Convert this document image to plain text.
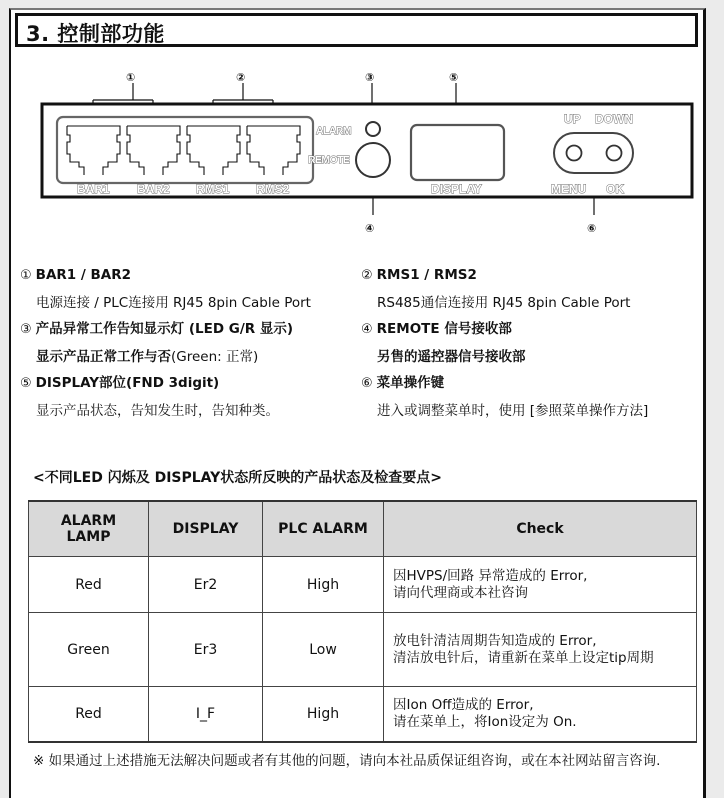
3. 控制部功能
①	②	③
④
⑤
⑥
BAR1 BAR2 RMS1 RMS2
ALARM
REMOTE
DISPLAY
UP DOWN
MENU OK
① BAR1 / BAR2
电源连接 / PLC连接用 RJ45 8pin Cable Port
③ 产品异常工作告知显示灯 (LED G/R 显示)
显示产品正常工作与否(Green: 正常)
⑤ DISPLAY部位(FND 3digit)
显示产品状态，告知发生时，告知种类。
② RMS1 / RMS2
RS485通信连接用 RJ45 8pin Cable Port
④ REMOTE 信号接收部
另售的遥控器信号接收部
⑥ 菜单操作键
进入或调整菜单时，使用 [参照菜单操作方法]
<不同LED 闪烁及 DISPLAY状态所反映的产品状态及检查要点>
ALARM
LAMP	DISPLAY	PLC ALARM	Check
Red	Er2	High	因HVPS/回路 异常造成的 Error,
请向代理商或本社咨询
Green	Er3	Low	放电针清洁周期告知造成的 Error,
清洁放电针后，请重新在菜单上设定tip周期
Red	I_F	High	因Ion Off造成的 Error,
请在菜单上，将Ion设定为 On.
※ 如果通过上述措施无法解决问题或者有其他的问题，请向本社品质保证组咨询，或在本社网站留言咨询.
